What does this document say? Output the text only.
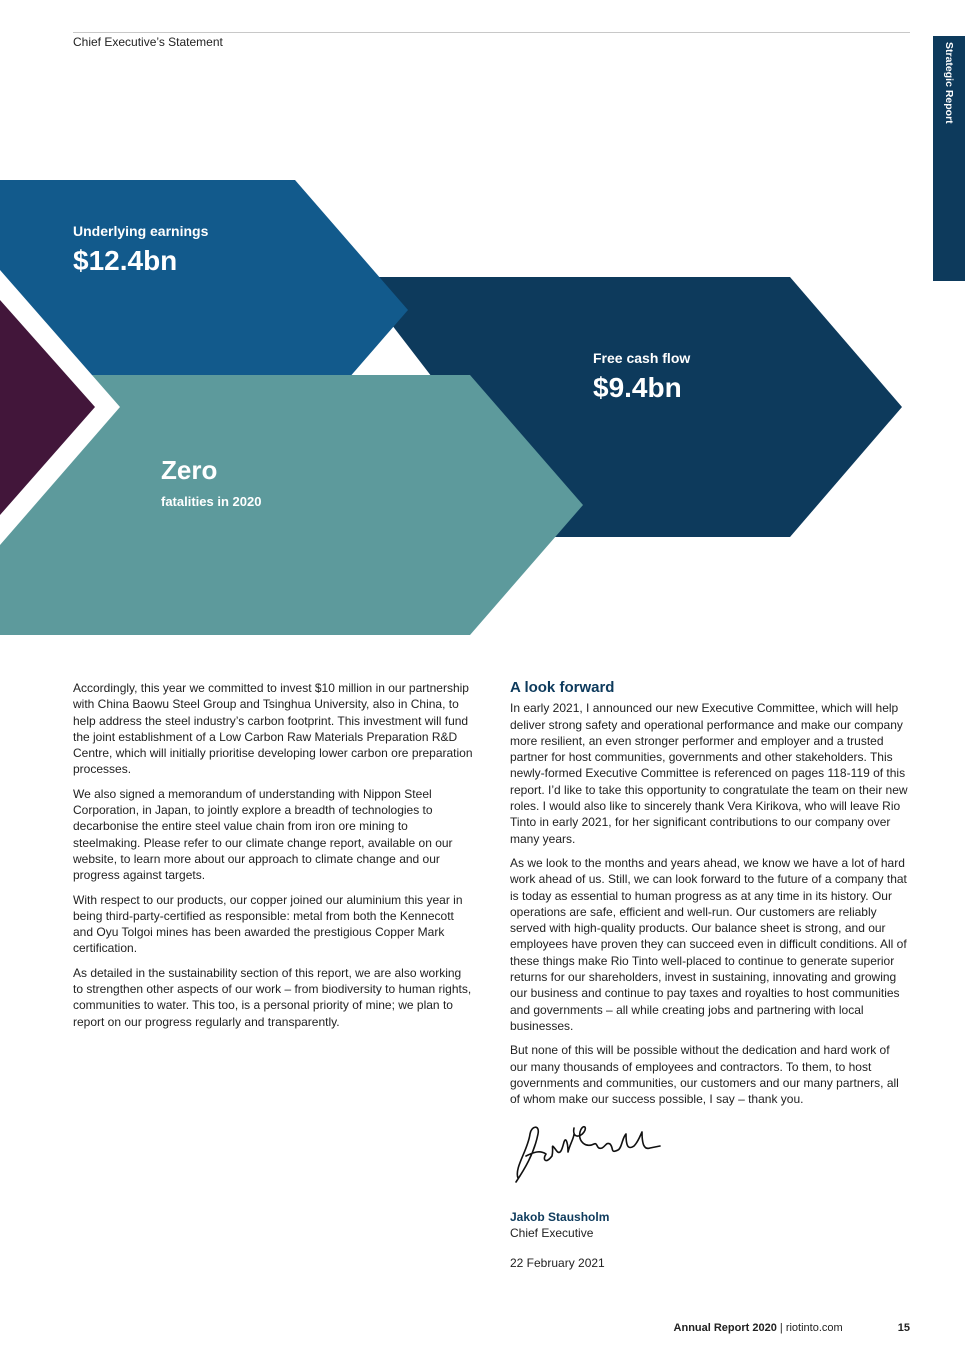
Chief Executive’s Statement	Strategic Report
Underlying earnings
$12.4bn
Free cash flow
$9.4bn
Zero
fatalities in 2020

Accordingly, this year we committed to invest $10 million in our partnership with China Baowu Steel Group and Tsinghua University, also in China, to help address the steel industry’s carbon footprint. This investment will fund the joint establishment of a Low Carbon Raw Materials Preparation R&D Centre, which will initially prioritise developing lower carbon ore preparation processes.

We also signed a memorandum of understanding with Nippon Steel Corporation, in Japan, to jointly explore a breadth of technologies to decarbonise the entire steel value chain from iron ore mining to steelmaking. Please refer to our climate change report, available on our website, to learn more about our approach to climate change and our progress against targets.

With respect to our products, our copper joined our aluminium this year in being third-party-certified as responsible: metal from both the Kennecott and Oyu Tolgoi mines has been awarded the prestigious Copper Mark certification.

As detailed in the sustainability section of this report, we are also working to strengthen other aspects of our work – from biodiversity to human rights, communities to water. This too, is a personal priority of mine; we plan to report on our progress regularly and transparently.

A look forward

In early 2021, I announced our new Executive Committee, which will help deliver strong safety and operational performance and make our company more resilient, an even stronger performer and employer and a trusted partner for host communities, governments and other stakeholders. This newly-formed Executive Committee is referenced on pages 118-119 of this report. I’d like to take this opportunity to congratulate the team on their new roles. I would also like to sincerely thank Vera Kirikova, who will leave Rio Tinto in early 2021, for her significant contributions to our company over many years.

As we look to the months and years ahead, we know we have a lot of hard work ahead of us. Still, we can look forward to the future of a company that is today as essential to human progress as at any time in its history. Our operations are safe, efficient and well-run. Our customers are reliably served with high-quality products. Our balance sheet is strong, and our employees have proven they can succeed even in difficult conditions. All of these things make Rio Tinto well-placed to continue to generate superior returns for our shareholders, invest in sustaining, innovating and growing our business and continue to pay taxes and royalties to host communities and governments – all while creating jobs and partnering with local businesses.

But none of this will be possible without the dedication and hard work of our many thousands of employees and contractors. To them, to host governments and communities, our customers and our many partners, all of whom make our success possible, I say – thank you.

Jakob Stausholm
Chief Executive
22 February 2021
Annual Report 2020 | riotinto.com	15
